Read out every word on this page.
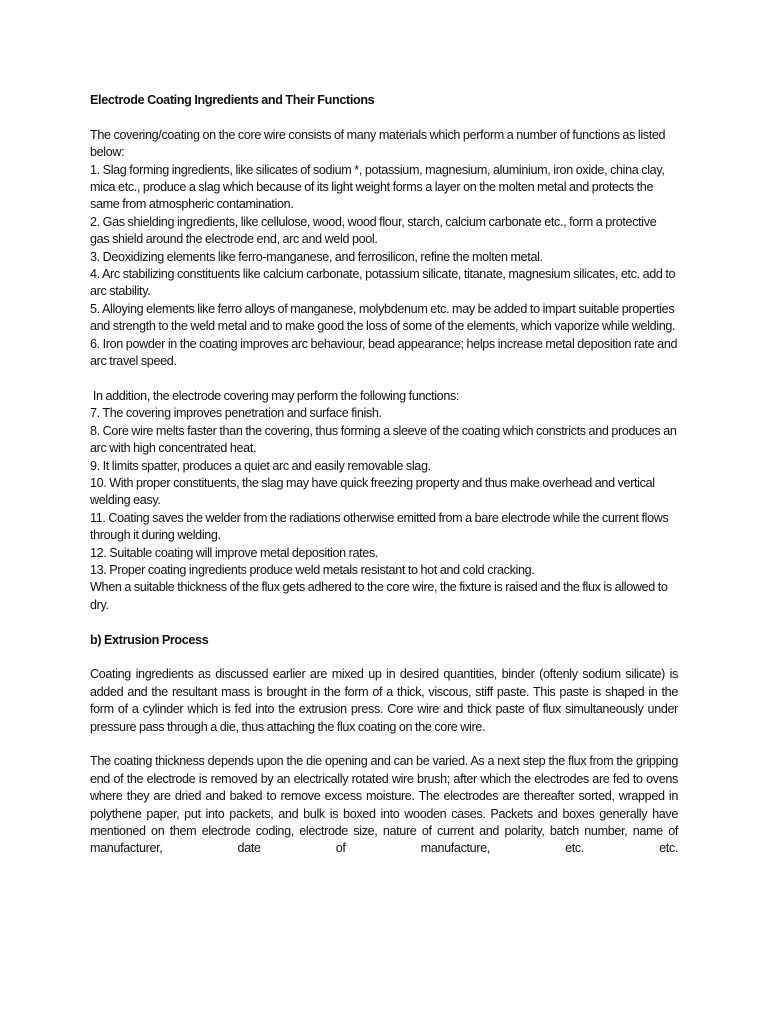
Electrode Coating Ingredients and Their Functions

The covering/coating on the core wire consists of many materials which perform a number of functions as listed below:

1. Slag forming ingredients, like silicates of sodium *, potassium, magnesium, aluminium, iron oxide, china clay, mica etc., produce a slag which because of its light weight forms a layer on the molten metal and protects the same from atmospheric contamination.

2. Gas shielding ingredients, like cellulose, wood, wood flour, starch, calcium carbonate etc., form a protective gas shield around the electrode end, arc and weld pool.

3. Deoxidizing elements like ferro-manganese, and ferrosilicon, refine the molten metal.

4. Arc stabilizing constituents like calcium carbonate, potassium silicate, titanate, magnesium silicates, etc. add to arc stability.

5. Alloying elements like ferro alloys of manganese, molybdenum etc. may be added to impart suitable properties and strength to the weld metal and to make good the loss of some of the elements, which vaporize while welding.

6. Iron powder in the coating improves arc behaviour, bead appearance; helps increase metal deposition rate and arc travel speed.

In addition, the electrode covering may perform the following functions:

7. The covering improves penetration and surface finish.

8. Core wire melts faster than the covering, thus forming a sleeve of the coating which constricts and produces an arc with high concentrated heat.

9. It limits spatter, produces a quiet arc and easily removable slag.

10. With proper constituents, the slag may have quick freezing property and thus make overhead and vertical welding easy.

11. Coating saves the welder from the radiations otherwise emitted from a bare electrode while the current flows through it during welding.

12. Suitable coating will improve metal deposition rates.

13. Proper coating ingredients produce weld metals resistant to hot and cold cracking.

When a suitable thickness of the flux gets adhered to the core wire, the fixture is raised and the flux is allowed to dry.

b) Extrusion Process

Coating ingredients as discussed earlier are mixed up in desired quantities, binder (oftenly sodium silicate) is added and the resultant mass is brought in the form of a thick, viscous, stiff paste. This paste is shaped in the form of a cylinder which is fed into the extrusion press. Core wire and thick paste of flux simultaneously under pressure pass through a die, thus attaching the flux coating on the core wire.

The coating thickness depends upon the die opening and can be varied. As a next step the flux from the gripping end of the electrode is removed by an electrically rotated wire brush; after which the electrodes are fed to ovens where they are dried and baked to remove excess moisture. The electrodes are thereafter sorted, wrapped in polythene paper, put into packets, and bulk is boxed into wooden cases. Packets and boxes generally have mentioned on them electrode coding, electrode size, nature of current and polarity, batch number, name of manufacturer, date of manufacture, etc. etc.
